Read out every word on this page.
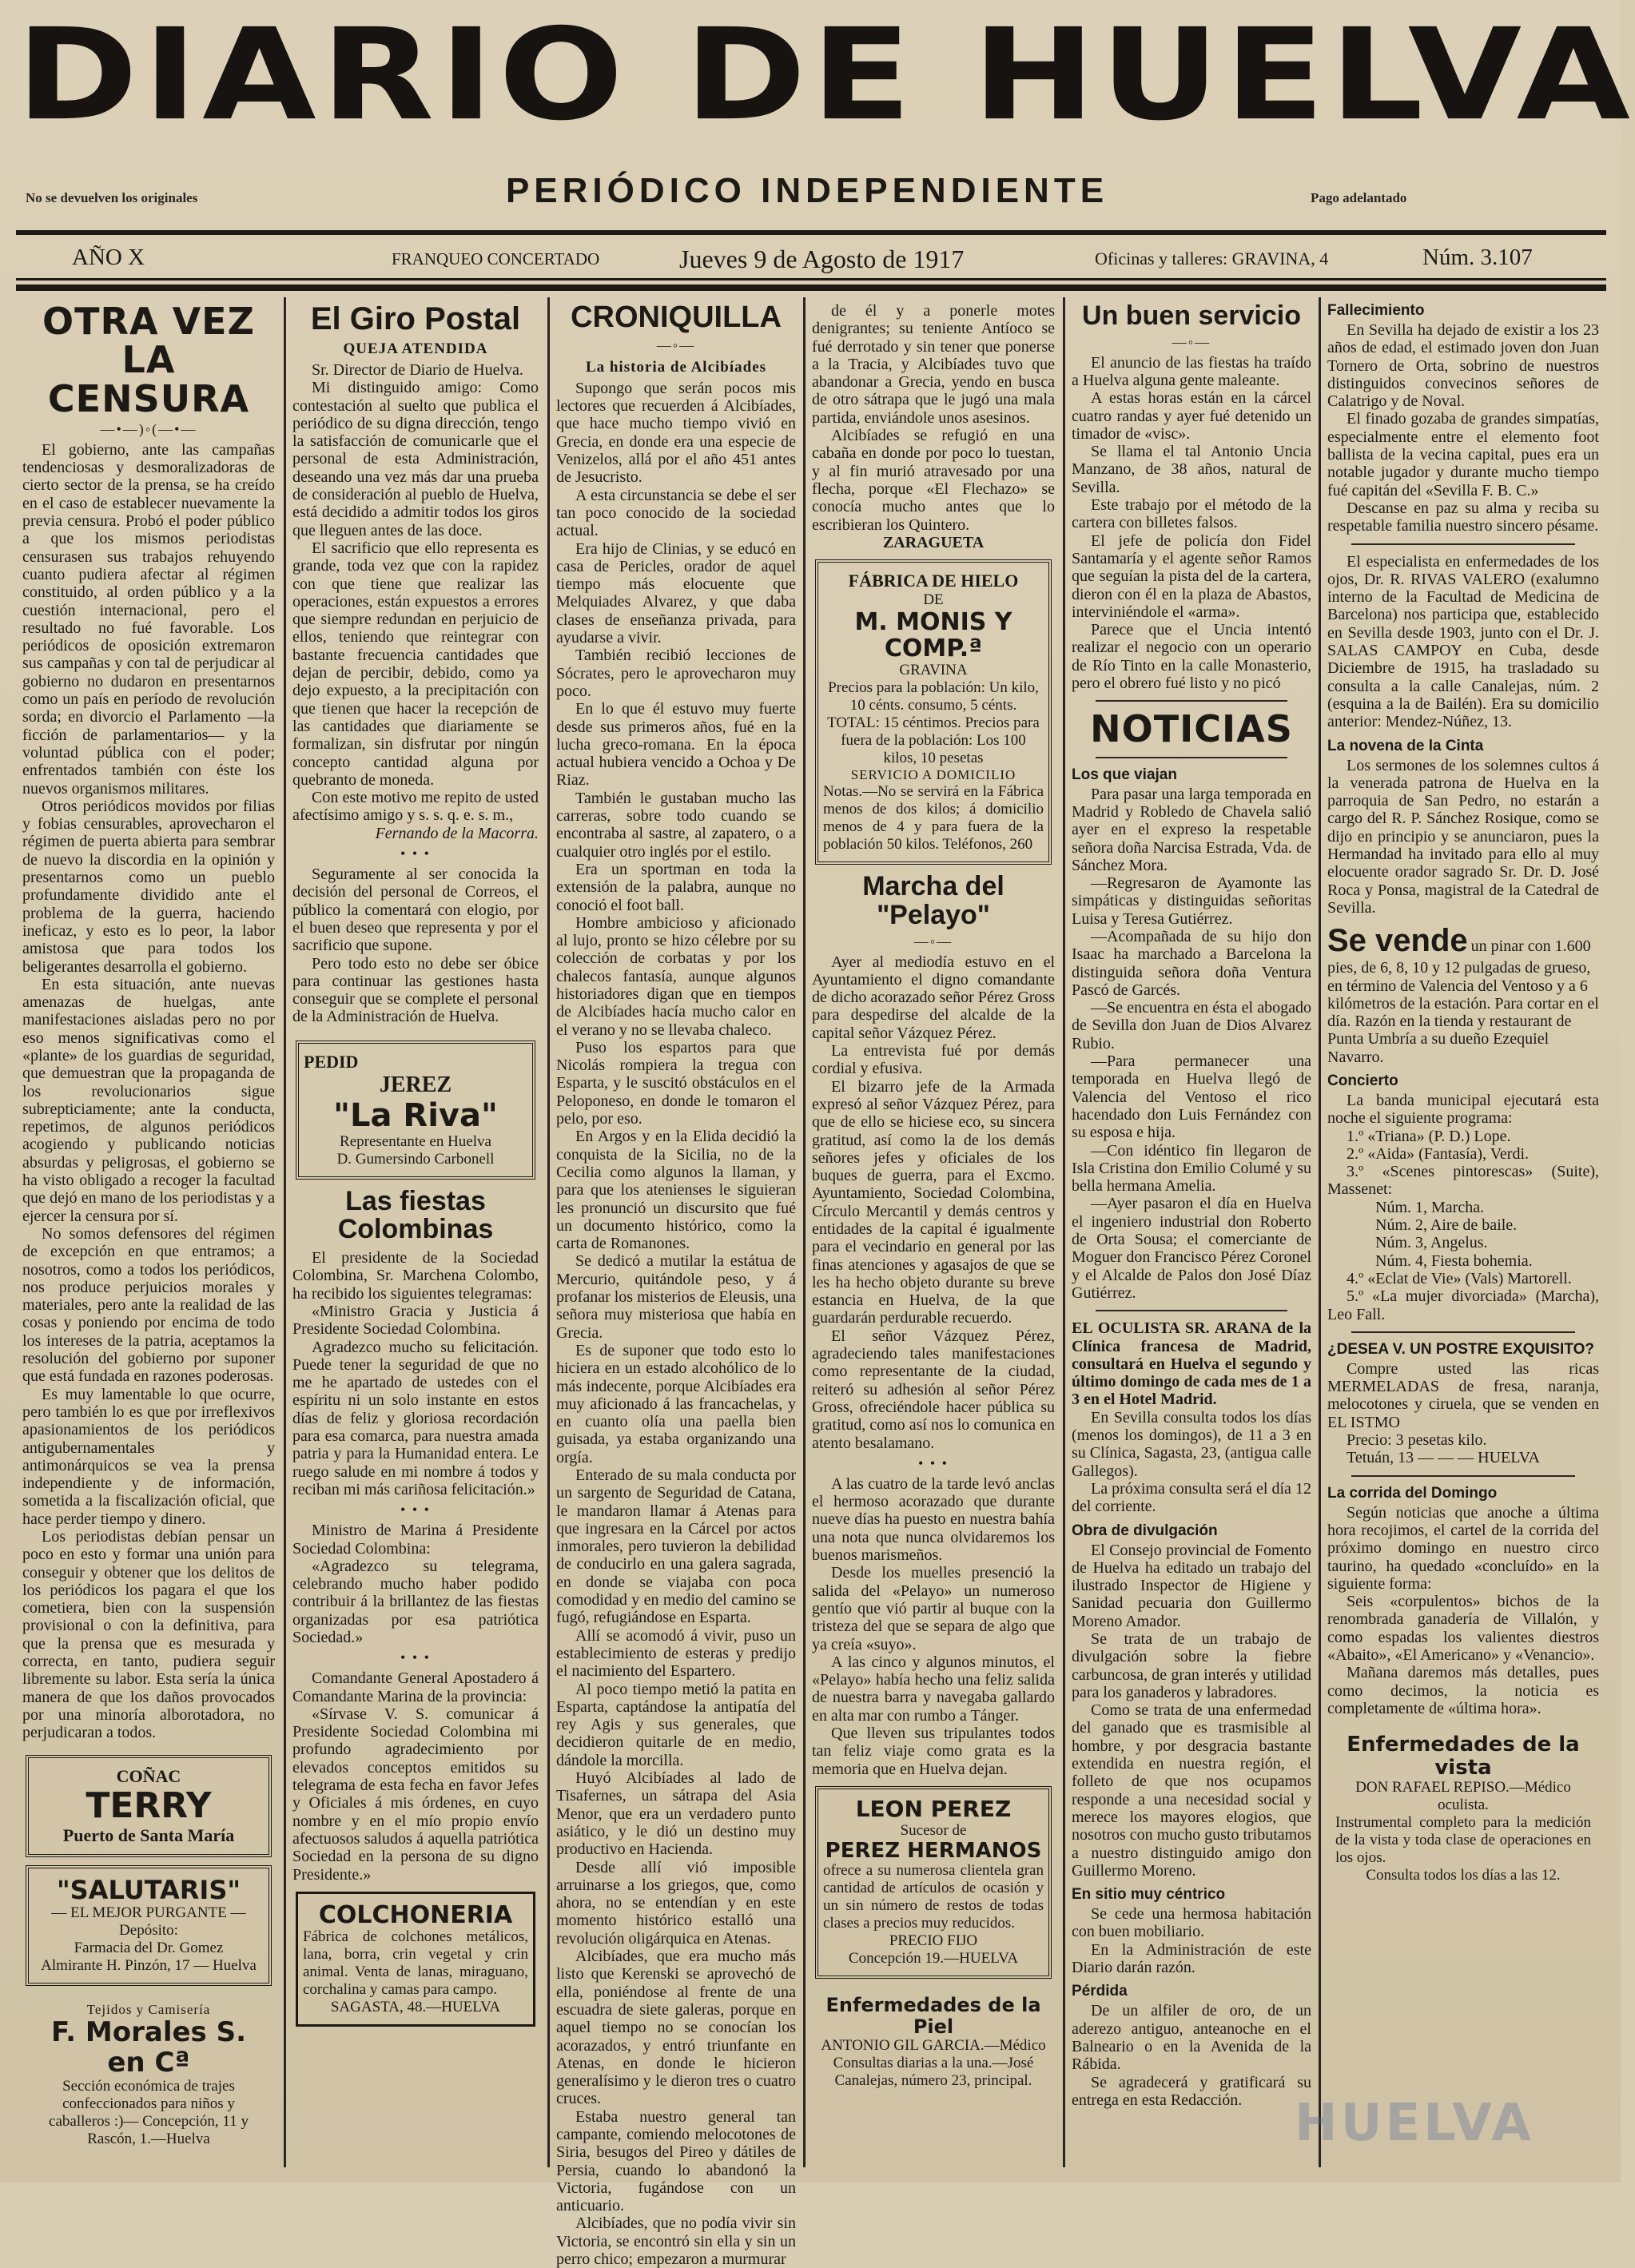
DIARIO DE HUELVA
PERIÓDICO INDEPENDIENTE
No se devuelven los originales	Pago adelantado
AÑO X	FRANQUEO CONCERTADO	Jueves 9 de Agosto de 1917	Oficinas y talleres: GRAVINA, 4	Núm. 3.107
OTRA VEZ LA CENSURA
—•—)◦(—•—

El gobierno, ante las campañas tendenciosas y desmoralizadoras de cierto sector de la prensa, se ha creído en el caso de establecer nuevamente la previa censura. Probó el poder público a que los mismos periodistas censurasen sus trabajos rehuyendo cuanto pudiera afectar al régimen constituido, al orden público y a la cuestión internacional, pero el resultado no fué favorable. Los periódicos de oposición extremaron sus campañas y con tal de perjudicar al gobierno no dudaron en presentarnos como un país en período de revolución sorda; en divorcio el Parlamento —la ficción de parlamentarios— y la voluntad pública con el poder; enfrentados también con éste los nuevos organismos militares.

Otros periódicos movidos por filias y fobias censurables, aprovecharon el régimen de puerta abierta para sembrar de nuevo la discordia en la opinión y presentarnos como un pueblo profundamente dividido ante el problema de la guerra, haciendo ineficaz, y esto es lo peor, la labor amistosa que para todos los beligerantes desarrolla el gobierno.

En esta situación, ante nuevas amenazas de huelgas, ante manifestaciones aisladas pero no por eso menos significativas como el «plante» de los guardias de seguridad, que demuestran que la propaganda de los revolucionarios sigue subrepticiamente; ante la conducta, repetimos, de algunos periódicos acogiendo y publicando noticias absurdas y peligrosas, el gobierno se ha visto obligado a recoger la facultad que dejó en mano de los periodistas y a ejercer la censura por sí.

No somos defensores del régimen de excepción en que entramos; a nosotros, como a todos los periódicos, nos produce perjuicios morales y materiales, pero ante la realidad de las cosas y poniendo por encima de todo los intereses de la patria, aceptamos la resolución del gobierno por suponer que está fundada en razones poderosas.

Es muy lamentable lo que ocurre, pero también lo es que por irreflexivos apasionamientos de los periódicos antigubernamentales y antimonárquicos se vea la prensa independiente y de información, sometida a la fiscalización oficial, que hace perder tiempo y dinero.

Los periodistas debían pensar un poco en esto y formar una unión para conseguir y obtener que los delitos de los periódicos los pagara el que los cometiera, bien con la suspensión provisional o con la definitiva, para que la prensa que es mesurada y correcta, en tanto, pudiera seguir libremente su labor. Esta sería la única manera de que los daños provocados por una minoría alborotadora, no perjudicaran a todos.

COÑAC
TERRY
Puerto de Santa María
"SALUTARIS"
— EL MEJOR PURGANTE —
Depósito:
Farmacia del Dr. Gomez
Almirante H. Pinzón, 17 — Huelva
Tejidos y Camisería
F. Morales S. en Cª
Sección económica de trajes confeccionados para niños y caballeros :)— Concepción, 11 y Rascón, 1.—Huelva
El Giro Postal
QUEJA ATENDIDA

Sr. Director de Diario de Huelva.

Mi distinguido amigo: Como contestación al suelto que publica el periódico de su digna dirección, tengo la satisfacción de comunicarle que el personal de esta Administración, deseando una vez más dar una prueba de consideración al pueblo de Huelva, está decidido a admitir todos los giros que lleguen antes de las doce.

El sacrificio que ello representa es grande, toda vez que con la rapidez con que tiene que realizar las operaciones, están expuestos a errores que siempre redundan en perjuicio de ellos, teniendo que reintegrar con bastante frecuencia cantidades que dejan de percibir, debido, como ya dejo expuesto, a la precipitación con que tienen que hacer la recepción de las cantidades que diariamente se formalizan, sin disfrutar por ningún concepto cantidad alguna por quebranto de moneda.

Con este motivo me repito de usted afectísimo amigo y s. s. q. e. s. m.,

Fernando de la Macorra.

• • •

Seguramente al ser conocida la decisión del personal de Correos, el público la comentará con elogio, por el buen deseo que representa y por el sacrificio que supone.

Pero todo esto no debe ser óbice para continuar las gestiones hasta conseguir que se complete el personal de la Administración de Huelva.

PEDID
JEREZ
"La Riva"
Representante en Huelva
D. Gumersindo Carbonell
Las fiestas Colombinas

El presidente de la Sociedad Colombina, Sr. Marchena Colombo, ha recibido los siguientes telegramas:

«Ministro Gracia y Justicia á Presidente Sociedad Colombina.

Agradezco mucho su felicitación. Puede tener la seguridad de que no me he apartado de ustedes con el espíritu ni un solo instante en estos días de feliz y gloriosa recordación para esa comarca, para nuestra amada patria y para la Humanidad entera. Le ruego salude en mi nombre á todos y reciban mi más cariñosa felicitación.»

• • •

Ministro de Marina á Presidente Sociedad Colombina:

«Agradezco su telegrama, celebrando mucho haber podido contribuir á la brillantez de las fiestas organizadas por esa patriótica Sociedad.»

• • •

Comandante General Apostadero á Comandante Marina de la provincia:

«Sírvase V. S. comunicar á Presidente Sociedad Colombina mi profundo agradecimiento por elevados conceptos emitidos su telegrama de esta fecha en favor Jefes y Oficiales á mis órdenes, en cuyo nombre y en el mío propio envío afectuosos saludos á aquella patriótica Sociedad en la persona de su digno Presidente.»

COLCHONERIA
Fábrica de colchones metálicos, lana, borra, crin vegetal y crin animal. Venta de lanas, miraguano, corchalina y camas para campo.
SAGASTA, 48.—HUELVA
CRONIQUILLA
—◦—
La historia de Alcibíades

Supongo que serán pocos mis lectores que recuerden á Alcibíades, que hace mucho tiempo vivió en Grecia, en donde era una especie de Venizelos, allá por el año 451 antes de Jesucristo.

A esta circunstancia se debe el ser tan poco conocido de la sociedad actual.

Era hijo de Clinias, y se educó en casa de Pericles, orador de aquel tiempo más elocuente que Melquiades Alvarez, y que daba clases de enseñanza privada, para ayudarse a vivir.

También recibió lecciones de Sócrates, pero le aprovecharon muy poco.

En lo que él estuvo muy fuerte desde sus primeros años, fué en la lucha greco-romana. En la época actual hubiera vencido a Ochoa y De Riaz.

También le gustaban mucho las carreras, sobre todo cuando se encontraba al sastre, al zapatero, o a cualquier otro inglés por el estilo.

Era un sportman en toda la extensión de la palabra, aunque no conoció el foot ball.

Hombre ambicioso y aficionado al lujo, pronto se hizo célebre por su colección de corbatas y por los chalecos fantasía, aunque algunos historiadores digan que en tiempos de Alcibíades hacía mucho calor en el verano y no se llevaba chaleco.

Puso los espartos para que Nicolás rompiera la tregua con Esparta, y le suscitó obstáculos en el Peloponeso, en donde le tomaron el pelo, por eso.

En Argos y en la Elida decidió la conquista de la Sicilia, no de la Cecilia como algunos la llaman, y para que los atenienses le siguieran les pronunció un discursito que fué un documento histórico, como la carta de Romanones.

Se dedicó a mutilar la estátua de Mercurio, quitándole peso, y á profanar los misterios de Eleusis, una señora muy misteriosa que había en Grecia.

Es de suponer que todo esto lo hiciera en un estado alcohólico de lo más indecente, porque Alcibíades era muy aficionado á las francachelas, y en cuanto olía una paella bien guisada, ya estaba organizando una orgía.

Enterado de su mala conducta por un sargento de Seguridad de Catana, le mandaron llamar á Atenas para que ingresara en la Cárcel por actos inmorales, pero tuvieron la debilidad de conducirlo en una galera sagrada, en donde se viajaba con poca comodidad y en medio del camino se fugó, refugiándose en Esparta.

Allí se acomodó á vivir, puso un establecimiento de esteras y predijo el nacimiento del Espartero.

Al poco tiempo metió la patita en Esparta, captándose la antipatía del rey Agis y sus generales, que decidieron quitarle de en medio, dándole la morcilla.

Huyó Alcibíades al lado de Tisafernes, un sátrapa del Asia Menor, que era un verdadero punto asiático, y le dió un destino muy productivo en Hacienda.

Desde allí vió imposible arruinarse a los griegos, que, como ahora, no se entendían y en este momento histórico estalló una revolución oligárquica en Atenas.

Alcibíades, que era mucho más listo que Kerenski se aprovechó de ella, poniéndose al frente de una escuadra de siete galeras, porque en aquel tiempo no se conocían los acorazados, y entró triunfante en Atenas, en donde le hicieron generalísimo y le dieron tres o cuatro cruces.

Estaba nuestro general tan campante, comiendo melocotones de Siria, besugos del Pireo y dátiles de Persia, cuando lo abandonó la Victoria, fugándose con un anticuario.

Alcibíades, que no podía vivir sin Victoria, se encontró sin ella y sin un perro chico; empezaron a murmurar

de él y a ponerle motes denigrantes; su teniente Antíoco se fué derrotado y sin tener que ponerse a la Tracia, y Alcibíades tuvo que abandonar a Grecia, yendo en busca de otro sátrapa que le jugó una mala partida, enviándole unos asesinos.

Alcibíades se refugió en una cabaña en donde por poco lo tuestan, y al fin murió atravesado por una flecha, porque «El Flechazo» se conocía mucho antes que lo escribieran los Quintero.

ZARAGUETA

FÁBRICA DE HIELO
DE
M. MONIS Y COMP.ª
GRAVINA
Precios para la población: Un kilo, 10 cénts. consumo, 5 cénts. TOTAL: 15 céntimos. Precios para fuera de la población: Los 100 kilos, 10 pesetas
SERVICIO A DOMICILIO
Notas.—No se servirá en la Fábrica menos de dos kilos; á domicilio menos de 4 y para fuera de la población 50 kilos. Teléfonos, 260
Marcha del "Pelayo"
—◦—

Ayer al mediodía estuvo en el Ayuntamiento el digno comandante de dicho acorazado señor Pérez Gross para despedirse del alcalde de la capital señor Vázquez Pérez.

La entrevista fué por demás cordial y efusiva.

El bizarro jefe de la Armada expresó al señor Vázquez Pérez, para que de ello se hiciese eco, su sincera gratitud, así como la de los demás señores jefes y oficiales de los buques de guerra, para el Excmo. Ayuntamiento, Sociedad Colombina, Círculo Mercantil y demás centros y entidades de la capital é igualmente para el vecindario en general por las finas atenciones y agasajos de que se les ha hecho objeto durante su breve estancia en Huelva, de la que guardarán perdurable recuerdo.

El señor Vázquez Pérez, agradeciendo tales manifestaciones como representante de la ciudad, reiteró su adhesión al señor Pérez Gross, ofreciéndole hacer pública su gratitud, como así nos lo comunica en atento besalamano.

• • •

A las cuatro de la tarde levó anclas el hermoso acorazado que durante nueve días ha puesto en nuestra bahía una nota que nunca olvidaremos los buenos marismeños.

Desde los muelles presenció la salida del «Pelayo» un numeroso gentío que vió partir al buque con la tristeza del que se separa de algo que ya creía «suyo».

A las cinco y algunos minutos, el «Pelayo» había hecho una feliz salida de nuestra barra y navegaba gallardo en alta mar con rumbo a Tánger.

Que lleven sus tripulantes todos tan feliz viaje como grata es la memoria que en Huelva dejan.

LEON PEREZ
Sucesor de
PEREZ HERMANOS
ofrece a su numerosa clientela gran cantidad de artículos de ocasión y un sin número de restos de todas clases a precios muy reducidos.
PRECIO FIJO
Concepción 19.—HUELVA
Enfermedades de la Piel
ANTONIO GIL GARCIA.—Médico
Consultas diarias a la una.—José Canalejas, número 23, principal.
Un buen servicio
—◦—

El anuncio de las fiestas ha traído a Huelva alguna gente maleante.

A estas horas están en la cárcel cuatro randas y ayer fué detenido un timador de «visc».

Se llama el tal Antonio Uncia Manzano, de 38 años, natural de Sevilla.

Este trabajo por el método de la cartera con billetes falsos.

El jefe de policía don Fidel Santamaría y el agente señor Ramos que seguían la pista del de la cartera, dieron con él en la plaza de Abastos, interviniéndole el «arma».

Parece que el Uncia intentó realizar el negocio con un operario de Río Tinto en la calle Monasterio, pero el obrero fué listo y no picó

NOTICIAS
Los que viajan

Para pasar una larga temporada en Madrid y Robledo de Chavela salió ayer en el expreso la respetable señora doña Narcisa Estrada, Vda. de Sánchez Mora.

—Regresaron de Ayamonte las simpáticas y distinguidas señoritas Luisa y Teresa Gutiérrez.

—Acompañada de su hijo don Isaac ha marchado a Barcelona la distinguida señora doña Ventura Pascó de Garcés.

—Se encuentra en ésta el abogado de Sevilla don Juan de Dios Alvarez Rubio.

—Para permanecer una temporada en Huelva llegó de Valencia del Ventoso el rico hacendado don Luis Fernández con su esposa e hija.

—Con idéntico fin llegaron de Isla Cristina don Emilio Columé y su bella hermana Amelia.

—Ayer pasaron el día en Huelva el ingeniero industrial don Roberto de Orta Sousa; el comerciante de Moguer don Francisco Pérez Coronel y el Alcalde de Palos don José Díaz Gutiérrez.

EL OCULISTA SR. ARANA de la Clínica francesa de Madrid, consultará en Huelva el segundo y último domingo de cada mes de 1 a 3 en el Hotel Madrid.

En Sevilla consulta todos los días (menos los domingos), de 11 a 3 en su Clínica, Sagasta, 23, (antigua calle Gallegos).

La próxima consulta será el día 12 del corriente.

Obra de divulgación

El Consejo provincial de Fomento de Huelva ha editado un trabajo del ilustrado Inspector de Higiene y Sanidad pecuaria don Guillermo Moreno Amador.

Se trata de un trabajo de divulgación sobre la fiebre carbuncosa, de gran interés y utilidad para los ganaderos y labradores.

Como se trata de una enfermedad del ganado que es trasmisible al hombre, y por desgracia bastante extendida en nuestra región, el folleto de que nos ocupamos responde a una necesidad social y merece los mayores elogios, que nosotros con mucho gusto tributamos a nuestro distinguido amigo don Guillermo Moreno.

En sitio muy céntrico

Se cede una hermosa habitación con buen mobiliario.

En la Administración de este Diario darán razón.

Pérdida

De un alfiler de oro, de un aderezo antiguo, anteanoche en el Balneario o en la Avenida de la Rábida.

Se agradecerá y gratificará su entrega en esta Redacción.

Fallecimiento

En Sevilla ha dejado de existir a los 23 años de edad, el estimado joven don Juan Tornero de Orta, sobrino de nuestros distinguidos convecinos señores de Calatrigo y de Noval.

El finado gozaba de grandes simpatías, especialmente entre el elemento foot ballista de la vecina capital, pues era un notable jugador y durante mucho tiempo fué capitán del «Sevilla F. B. C.»

Descanse en paz su alma y reciba su respetable familia nuestro sincero pésame.

El especialista en enfermedades de los ojos, Dr. R. RIVAS VALERO (exalumno interno de la Facultad de Medicina de Barcelona) nos participa que, establecido en Sevilla desde 1903, junto con el Dr. J. SALAS CAMPOY en Cuba, desde Diciembre de 1915, ha trasladado su consulta a la calle Canalejas, núm. 2 (esquina a la de Bailén). Era su domicilio anterior: Mendez-Núñez, 13.

La novena de la Cinta

Los sermones de los solemnes cultos á la venerada patrona de Huelva en la parroquia de San Pedro, no estarán a cargo del R. P. Sánchez Rosique, como se dijo en principio y se anunciaron, pues la Hermandad ha invitado para ello al muy elocuente orador sagrado Sr. Dr. D. José Roca y Ponsa, magistral de la Catedral de Sevilla.

Se vende un pinar con 1.600 pies, de 6, 8, 10 y 12 pulgadas de grueso, en término de Valencia del Ventoso y a 6 kilómetros de la estación. Para cortar en el día. Razón en la tienda y restaurant de Punta Umbría a su dueño Ezequiel Navarro.
Concierto

La banda municipal ejecutará esta noche el siguiente programa:

1.º «Triana» (P. D.) Lope.

2.º «Aida» (Fantasía), Verdi.

3.º «Scenes pintorescas» (Suite), Massenet:

Núm. 1, Marcha.

Núm. 2, Aire de baile.

Núm. 3, Angelus.

Núm. 4, Fiesta bohemia.

4.º «Eclat de Vie» (Vals) Martorell.

5.º «La mujer divorciada» (Marcha), Leo Fall.

¿DESEA V. UN POSTRE EXQUISITO?

Compre usted las ricas MERMELADAS de fresa, naranja, melocotones y ciruela, que se venden en EL ISTMO

Precio: 3 pesetas kilo.

Tetuán, 13 — — — HUELVA

La corrida del Domingo

Según noticias que anoche a última hora recojimos, el cartel de la corrida del próximo domingo en nuestro circo taurino, ha quedado «concluído» en la siguiente forma:

Seis «corpulentos» bichos de la renombrada ganadería de Villalón, y como espadas los valientes diestros «Abaito», «El Americano» y «Venancio».

Mañana daremos más detalles, pues como decimos, la noticia es completamente de «última hora».

Enfermedades de la vista
DON RAFAEL REPISO.—Médico oculista.
Instrumental completo para la medición de la vista y toda clase de operaciones en los ojos.
Consulta todos los días a las 12.
HUELVA
